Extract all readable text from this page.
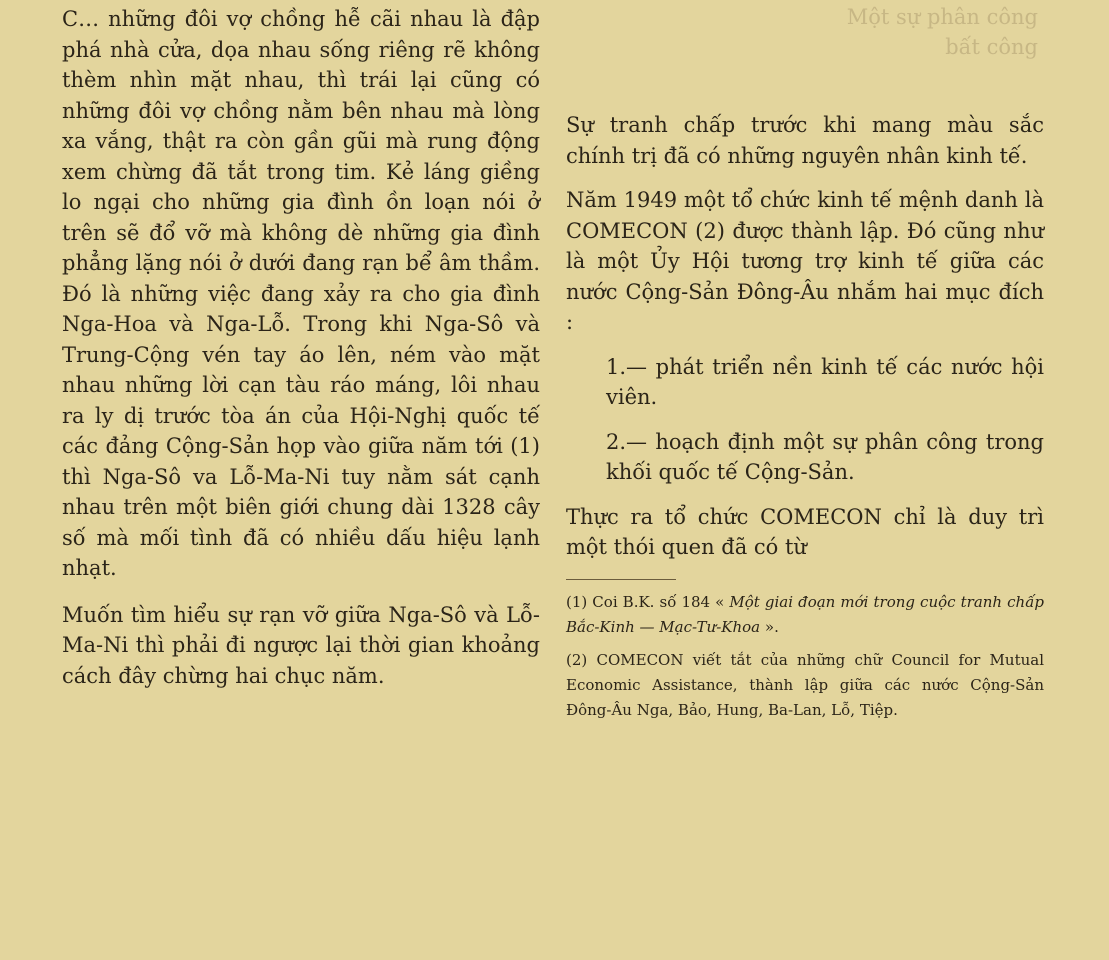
C… những đôi vợ chồng hễ cãi nhau là đập phá nhà cửa, dọa nhau sống riêng rẽ không thèm nhìn mặt nhau, thì trái lại cũng có những đôi vợ chồng nằm bên nhau mà lòng xa vắng, thật ra còn gần gũi mà rung động xem chừng đã tắt trong tim. Kẻ láng giềng lo ngại cho những gia đình ồn loạn nói ở trên sẽ đổ vỡ mà không dè những gia đình phẳng lặng nói ở dưới đang rạn bể âm thầm. Đó là những việc đang xảy ra cho gia đình Nga-Hoa và Nga-Lỗ. Trong khi Nga-Sô và Trung-Cộng vén tay áo lên, ném vào mặt nhau những lời cạn tàu ráo máng, lôi nhau ra ly dị trước tòa án của Hội-Nghị quốc tế các đảng Cộng-Sản họp vào giữa năm tới (1) thì Nga-Sô va Lỗ-Ma-Ni tuy nằm sát cạnh nhau trên một biên giới chung dài 1328 cây số mà mối tình đã có nhiều dấu hiệu lạnh nhạt.

Muốn tìm hiểu sự rạn vỡ giữa Nga-Sô và Lỗ-Ma-Ni thì phải đi ngược lại thời gian khoảng cách đây chừng hai chục năm.

Một sự phân công
bất công

Sự tranh chấp trước khi mang màu sắc chính trị đã có những nguyên nhân kinh tế.

Năm 1949 một tổ chức kinh tế mệnh danh là COMECON (2) được thành lập. Đó cũng như là một Ủy Hội tương trợ kinh tế giữa các nước Cộng-Sản Đông-Âu nhắm hai mục đích :

1.— phát triển nền kinh tế các nước hội viên.

2.— hoạch định một sự phân công trong khối quốc tế Cộng-Sản.

Thực ra tổ chức COMECON chỉ là duy trì một thói quen đã có từ

(1) Coi B.K. số 184 « Một giai đoạn mới trong cuộc tranh chấp Bắc-Kinh — Mạc-Tư-Khoa ».
(2) COMECON viết tắt của những chữ Council for Mutual Economic Assistance, thành lập giữa các nước Cộng-Sản Đông-Âu Nga, Bảo, Hung, Ba-Lan, Lỗ, Tiệp.
